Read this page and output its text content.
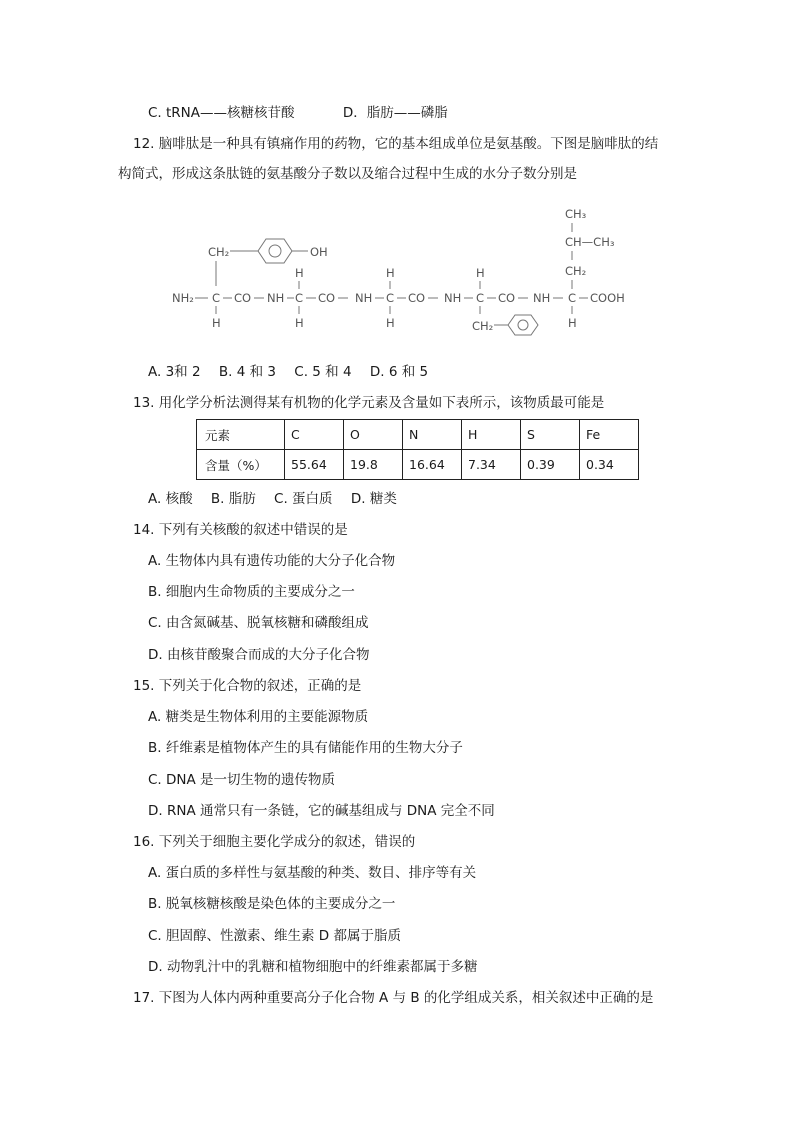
C. tRNA——核糖核苷酸	D．脂肪——磷脂
12. 脑啡肽是一种具有镇痛作用的药物，它的基本组成单位是氨基酸。下图是脑啡肽的结
构简式，形成这条肽链的氨基酸分子数以及缩合过程中生成的水分子数分别是
CH₂	OH
CH₃
CH—CH₃
CH₂
H	H	H
NH₂ C CO NH C CO NH C CO NH C CO NH C COOH
H	H	H	H
CH₂
A. 3和 2 B. 4 和 3 C. 5 和 4 D. 6 和 5
13. 用化学分析法测得某有机物的化学元素及含量如下表所示，该物质最可能是
元素	C	O	N	H	S	Fe
含量（%）	55.64	19.8	16.64	7.34	0.39	0.34
A. 核酸 B. 脂肪 C. 蛋白质 D. 糖类
14. 下列有关核酸的叙述中错误的是
A. 生物体内具有遗传功能的大分子化合物
B. 细胞内生命物质的主要成分之一
C. 由含氮碱基、脱氧核糖和磷酸组成
D. 由核苷酸聚合而成的大分子化合物
15. 下列关于化合物的叙述，正确的是
A. 糖类是生物体利用的主要能源物质
B. 纤维素是植物体产生的具有储能作用的生物大分子
C. DNA 是一切生物的遗传物质
D. RNA 通常只有一条链，它的碱基组成与 DNA 完全不同
16. 下列关于细胞主要化学成分的叙述，错误的
A. 蛋白质的多样性与氨基酸的种类、数目、排序等有关
B. 脱氧核糖核酸是染色体的主要成分之一
C. 胆固醇、性激素、维生素 D 都属于脂质
D. 动物乳汁中的乳糖和植物细胞中的纤维素都属于多糖
17. 下图为人体内两种重要高分子化合物 A 与 B 的化学组成关系，相关叙述中正确的是
